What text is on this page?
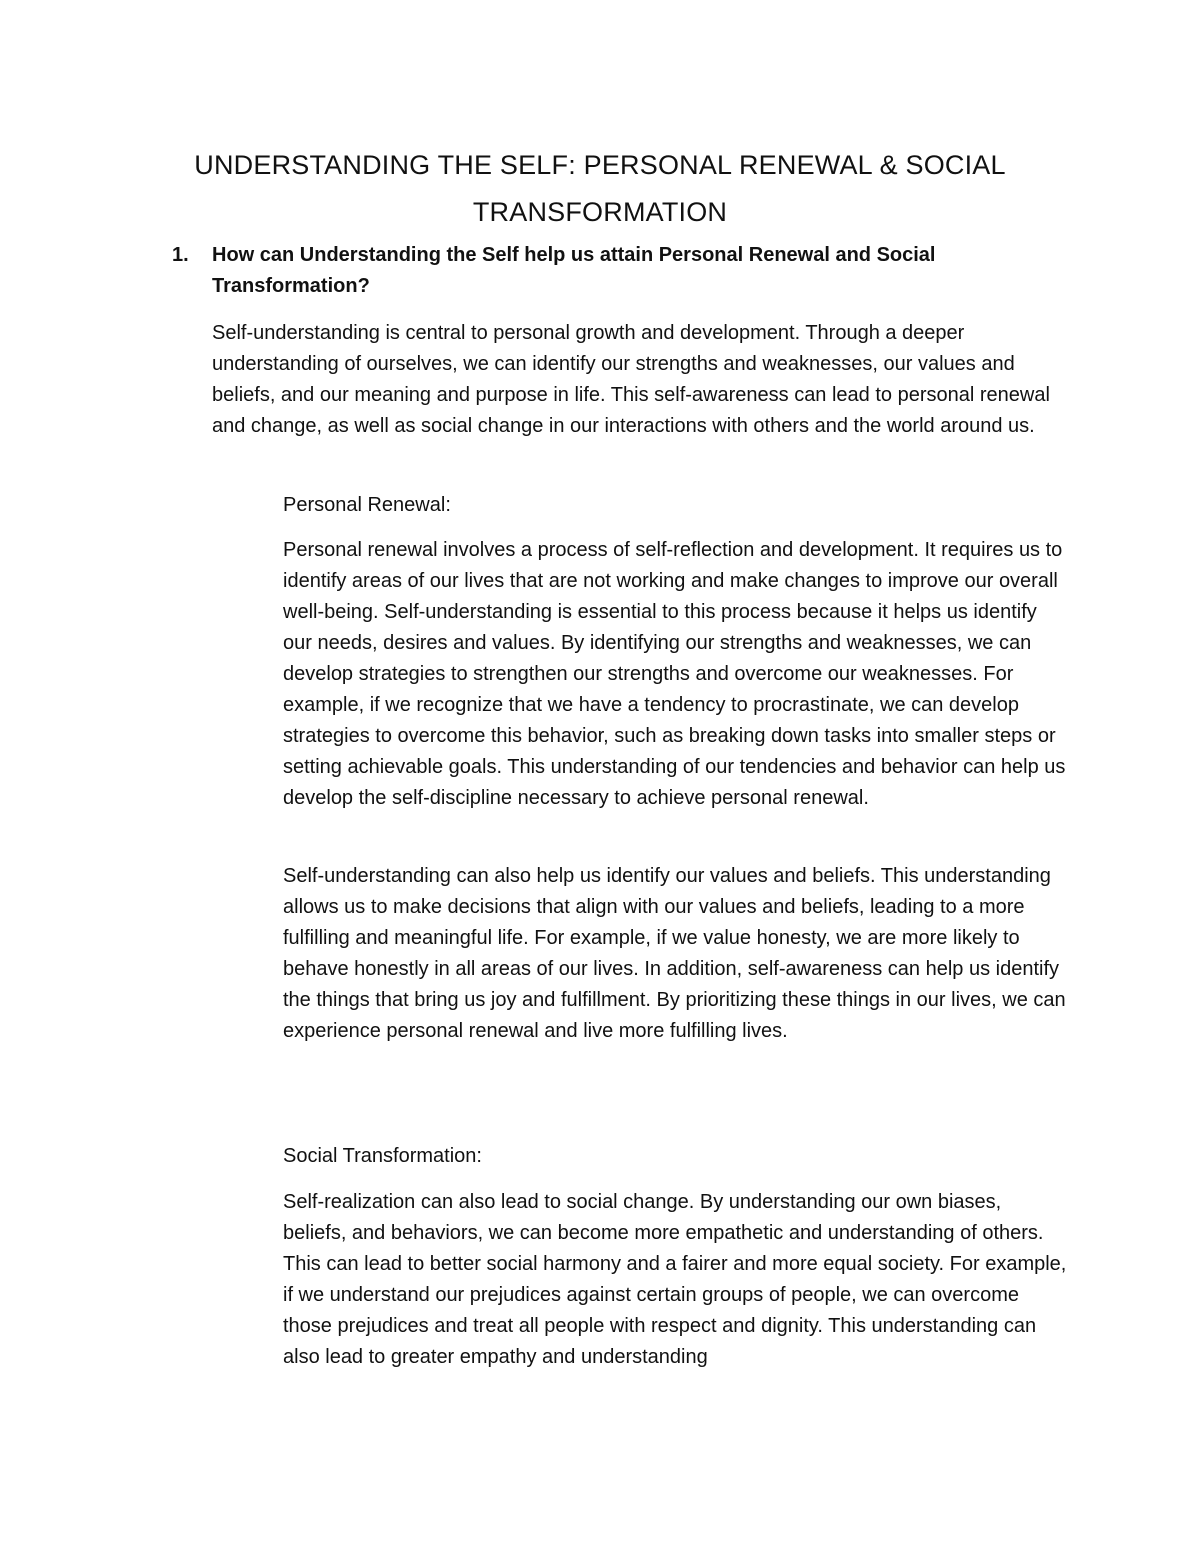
UNDERSTANDING THE SELF: PERSONAL RENEWAL & SOCIAL
TRANSFORMATION
1. How can Understanding the Self help us attain Personal Renewal and Social Transformation?

Self-understanding is central to personal growth and development. Through a deeper understanding of ourselves, we can identify our strengths and weaknesses, our values and beliefs, and our meaning and purpose in life. This self-awareness can lead to personal renewal and change, as well as social change in our interactions with others and the world around us.

Personal Renewal:

Personal renewal involves a process of self-reflection and development. It requires us to identify areas of our lives that are not working and make changes to improve our overall well-being. Self-understanding is essential to this process because it helps us identify our needs, desires and values. By identifying our strengths and weaknesses, we can develop strategies to strengthen our strengths and overcome our weaknesses. For example, if we recognize that we have a tendency to procrastinate, we can develop strategies to overcome this behavior, such as breaking down tasks into smaller steps or setting achievable goals. This understanding of our tendencies and behavior can help us develop the self-discipline necessary to achieve personal renewal.

Self-understanding can also help us identify our values and beliefs. This understanding allows us to make decisions that align with our values and beliefs, leading to a more fulfilling and meaningful life. For example, if we value honesty, we are more likely to behave honestly in all areas of our lives. In addition, self-awareness can help us identify the things that bring us joy and fulfillment. By prioritizing these things in our lives, we can experience personal renewal and live more fulfilling lives.

Social Transformation:

Self-realization can also lead to social change. By understanding our own biases, beliefs, and behaviors, we can become more empathetic and understanding of others. This can lead to better social harmony and a fairer and more equal society. For example, if we understand our prejudices against certain groups of people, we can overcome those prejudices and treat all people with respect and dignity. This understanding can also lead to greater empathy and understanding
